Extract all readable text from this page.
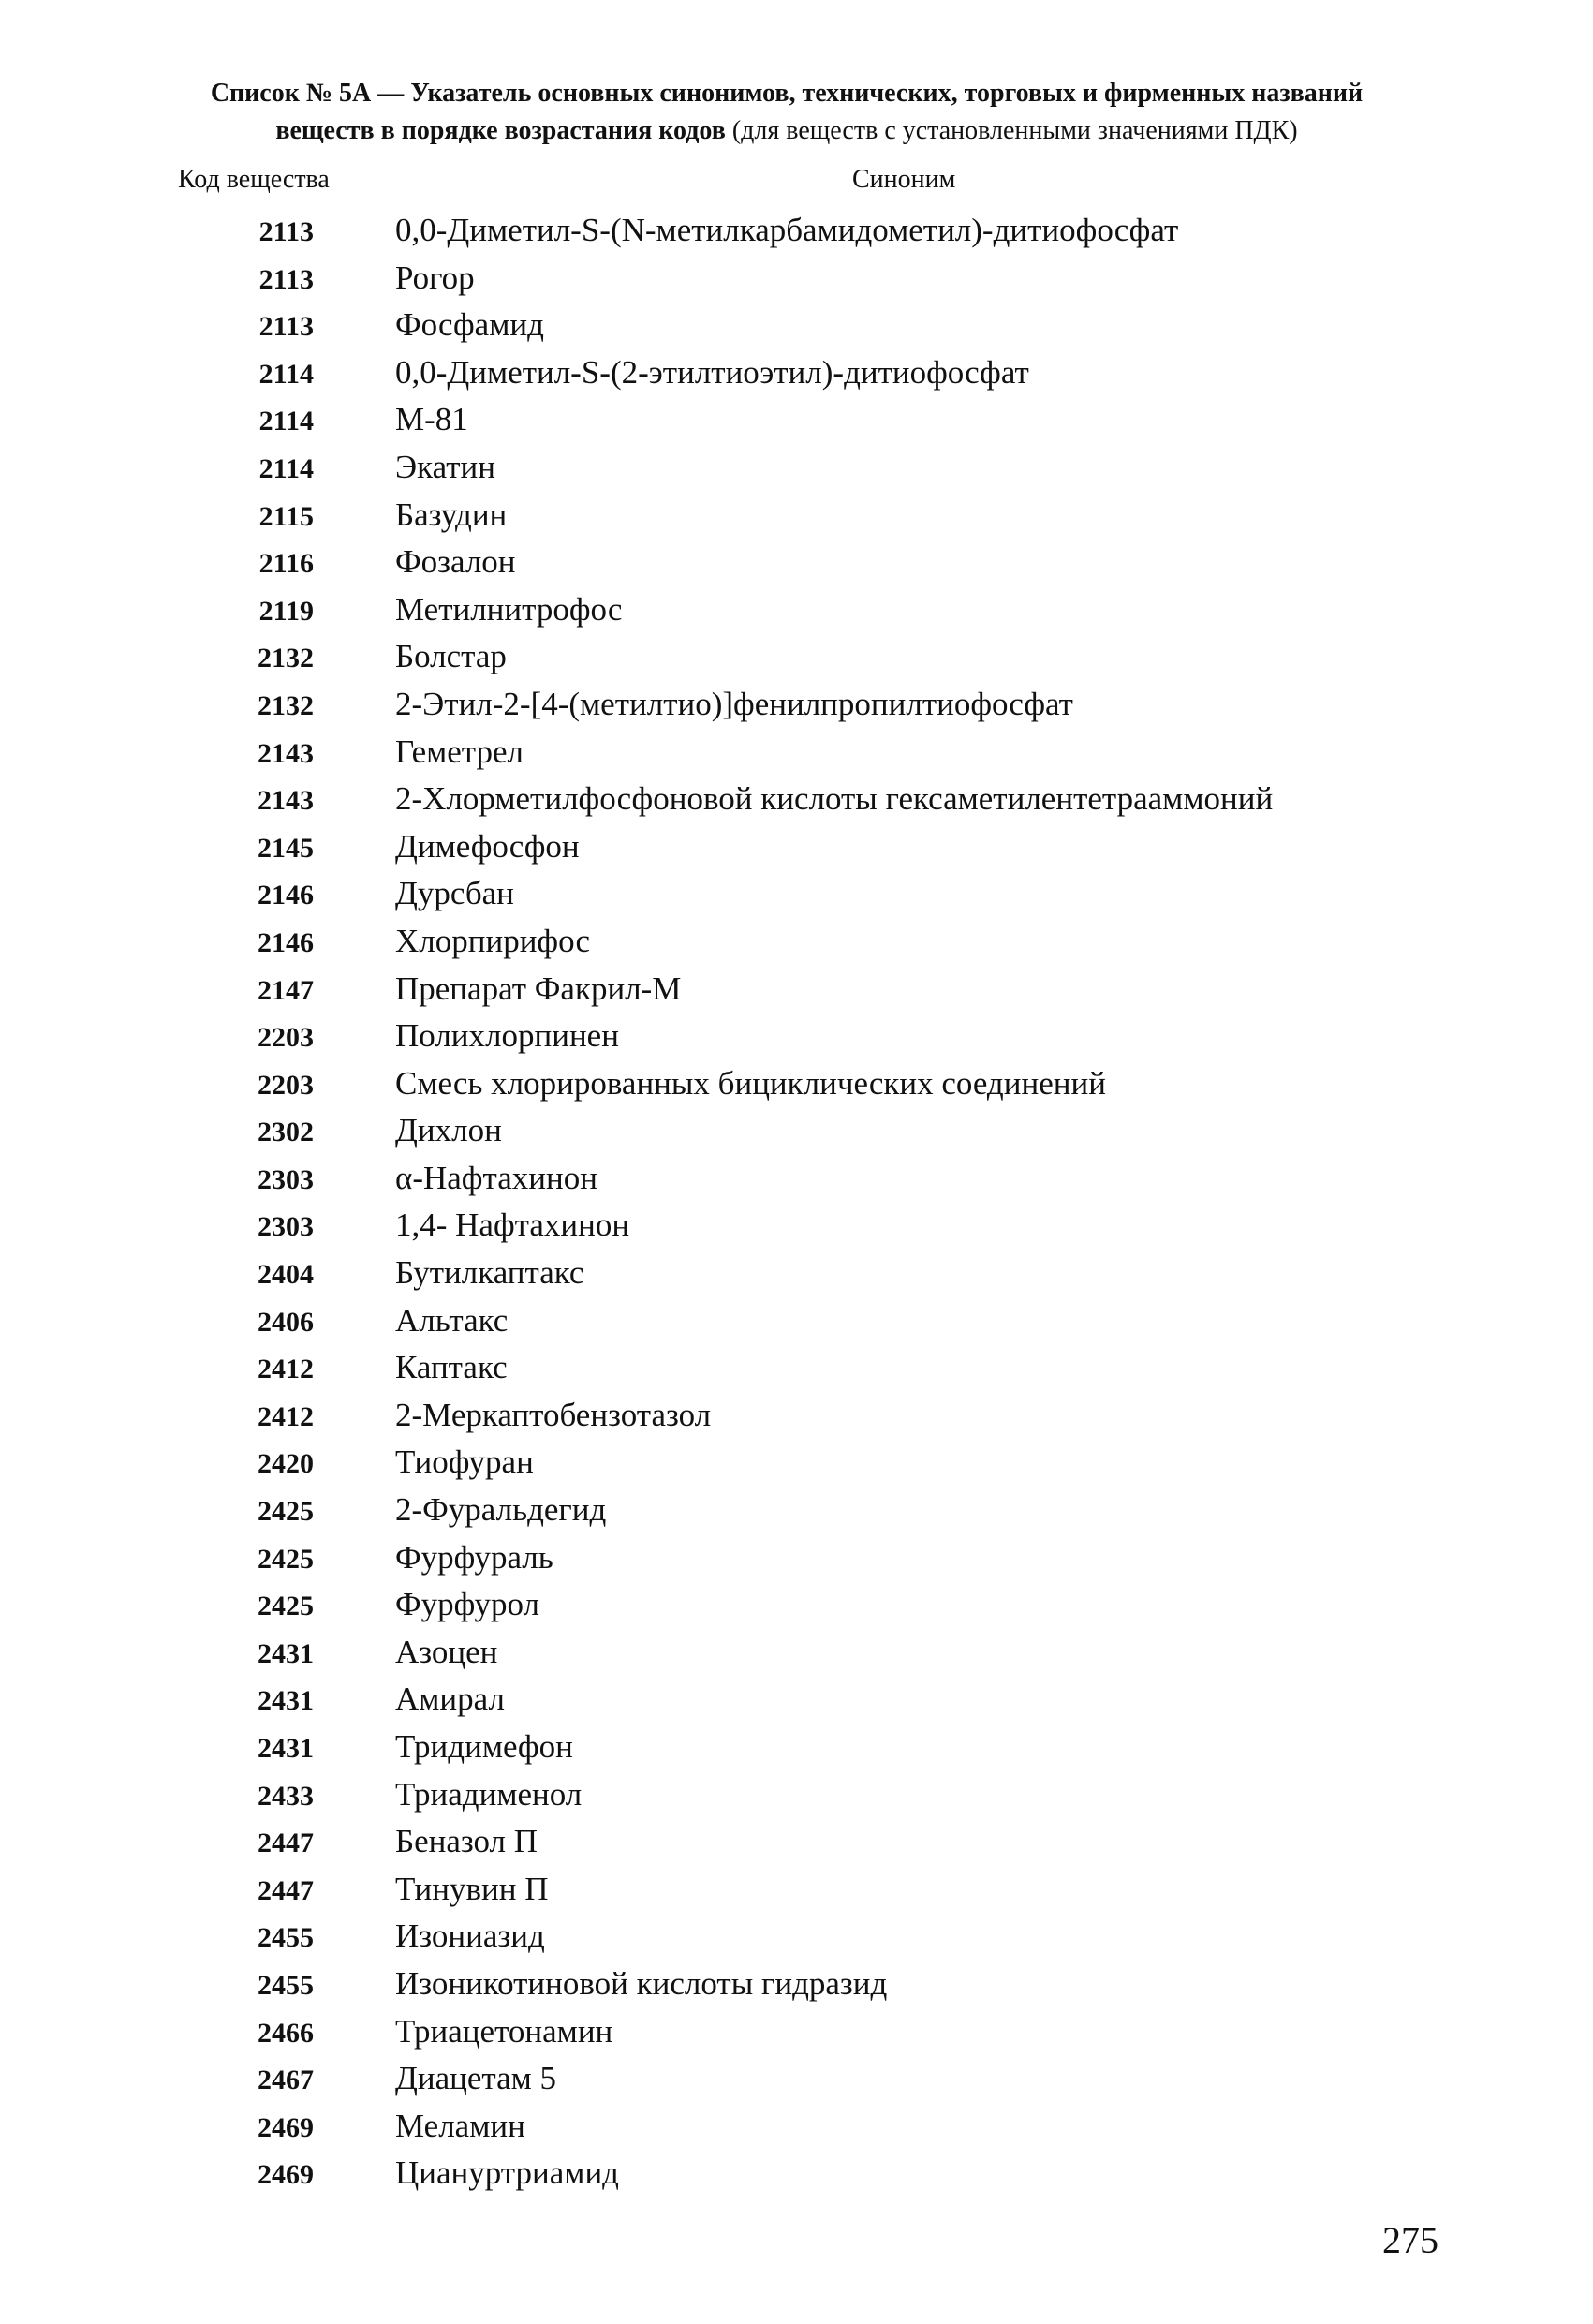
Список № 5А — Указатель основных синонимов, технических, торговых и фирменных названий
веществ в порядке возрастания кодов (для веществ с установленными значениями ПДК)
Код вещества	Синоним
2113 0,0-Диметил-S-(N-метилкарбамидометил)-дитиофосфат
2113 Рогор
2113 Фосфамид
2114 0,0-Диметил-S-(2-этилтиоэтил)-дитиофосфат
2114 М-81
2114 Экатин
2115 Базудин
2116 Фозалон
2119 Метилнитрофос
2132 Болстар
2132 2-Этил-2-[4-(метилтио)]фенилпропилтиофосфат
2143 Геметрел
2143 2-Хлорметилфосфоновой кислоты гексаметилентетрааммоний
2145 Димефосфон
2146 Дурсбан
2146 Хлорпирифос
2147 Препарат Факрил-М
2203 Полихлорпинен
2203 Смесь хлорированных бициклических соединений
2302 Дихлон
2303 α-Нафтахинон
2303 1,4- Нафтахинон
2404 Бутилкаптакс
2406 Альтакс
2412 Каптакс
2412 2-Меркаптобензотазол
2420 Тиофуран
2425 2-Фуральдегид
2425 Фурфураль
2425 Фурфурол
2431 Азоцен
2431 Амирал
2431 Тридимефон
2433 Триадименол
2447 Беназол П
2447 Тинувин П
2455 Изониазид
2455 Изоникотиновой кислоты гидразид
2466 Триацетонамин
2467 Диацетам 5
2469 Меламин
2469 Циануртриамид
275
